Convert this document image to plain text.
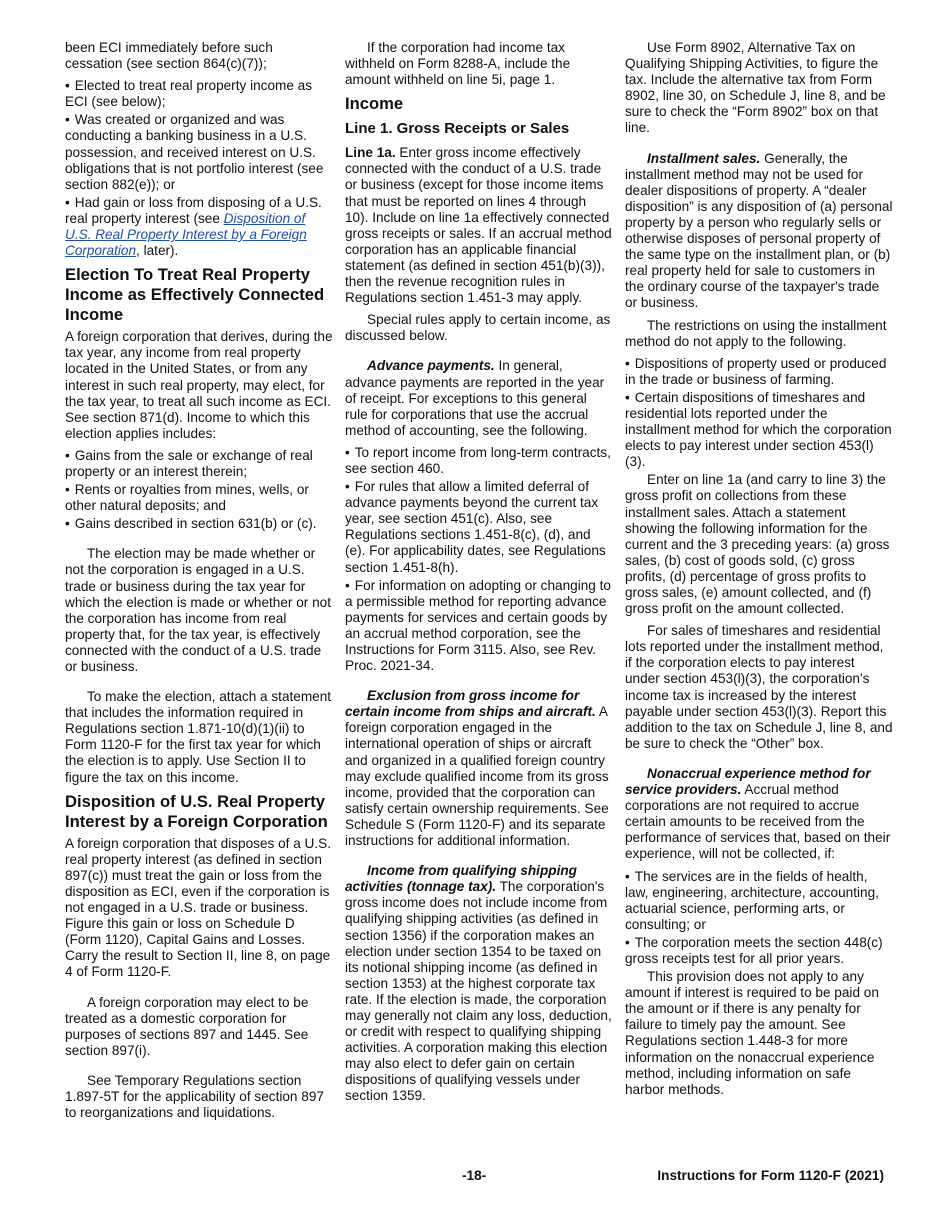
been ECI immediately before such cessation (see section 864(c)(7));

• Elected to treat real property income as ECI (see below);

• Was created or organized and was conducting a banking business in a U.S. possession, and received interest on U.S. obligations that is not portfolio interest (see section 882(e)); or

• Had gain or loss from disposing of a U.S. real property interest (see Disposition of U.S. Real Property Interest by a Foreign Corporation, later).

Election To Treat Real Property Income as Effectively Connected Income

A foreign corporation that derives, during the tax year, any income from real property located in the United States, or from any interest in such real property, may elect, for the tax year, to treat all such income as ECI. See section 871(d). Income to which this election applies includes:

• Gains from the sale or exchange of real property or an interest therein;

• Rents or royalties from mines, wells, or other natural deposits; and

• Gains described in section 631(b) or (c).

The election may be made whether or not the corporation is engaged in a U.S. trade or business during the tax year for which the election is made or whether or not the corporation has income from real property that, for the tax year, is effectively connected with the conduct of a U.S. trade or business.

To make the election, attach a statement that includes the information required in Regulations section 1.871-10(d)(1)(ii) to Form 1120-F for the first tax year for which the election is to apply. Use Section II to figure the tax on this income.

Disposition of U.S. Real Property Interest by a Foreign Corporation

A foreign corporation that disposes of a U.S. real property interest (as defined in section 897(c)) must treat the gain or loss from the disposition as ECI, even if the corporation is not engaged in a U.S. trade or business. Figure this gain or loss on Schedule D (Form 1120), Capital Gains and Losses. Carry the result to Section II, line 8, on page 4 of Form 1120-F.

A foreign corporation may elect to be treated as a domestic corporation for purposes of sections 897 and 1445. See section 897(i).

See Temporary Regulations section 1.897-5T for the applicability of section 897 to reorganizations and liquidations.

If the corporation had income tax withheld on Form 8288-A, include the amount withheld on line 5i, page 1.

Income
Line 1. Gross Receipts or Sales

Line 1a. Enter gross income effectively connected with the conduct of a U.S. trade or business (except for those income items that must be reported on lines 4 through 10). Include on line 1a effectively connected gross receipts or sales. If an accrual method corporation has an applicable financial statement (as defined in section 451(b)(3)), then the revenue recognition rules in Regulations section 1.451-3 may apply.

Special rules apply to certain income, as discussed below.

Advance payments. In general, advance payments are reported in the year of receipt. For exceptions to this general rule for corporations that use the accrual method of accounting, see the following.

• To report income from long-term contracts, see section 460.

• For rules that allow a limited deferral of advance payments beyond the current tax year, see section 451(c). Also, see Regulations sections 1.451-8(c), (d), and (e). For applicability dates, see Regulations section 1.451-8(h).

• For information on adopting or changing to a permissible method for reporting advance payments for services and certain goods by an accrual method corporation, see the Instructions for Form 3115. Also, see Rev. Proc. 2021-34.

Exclusion from gross income for certain income from ships and aircraft. A foreign corporation engaged in the international operation of ships or aircraft and organized in a qualified foreign country may exclude qualified income from its gross income, provided that the corporation can satisfy certain ownership requirements. See Schedule S (Form 1120-F) and its separate instructions for additional information.

Income from qualifying shipping activities (tonnage tax). The corporation's gross income does not include income from qualifying shipping activities (as defined in section 1356) if the corporation makes an election under section 1354 to be taxed on its notional shipping income (as defined in section 1353) at the highest corporate tax rate. If the election is made, the corporation may generally not claim any loss, deduction, or credit with respect to qualifying shipping activities. A corporation making this election may also elect to defer gain on certain dispositions of qualifying vessels under section 1359.

Use Form 8902, Alternative Tax on Qualifying Shipping Activities, to figure the tax. Include the alternative tax from Form 8902, line 30, on Schedule J, line 8, and be sure to check the “Form 8902” box on that line.

Installment sales. Generally, the installment method may not be used for dealer dispositions of property. A “dealer disposition” is any disposition of (a) personal property by a person who regularly sells or otherwise disposes of personal property of the same type on the installment plan, or (b) real property held for sale to customers in the ordinary course of the taxpayer's trade or business.

The restrictions on using the installment method do not apply to the following.

• Dispositions of property used or produced in the trade or business of farming.

• Certain dispositions of timeshares and residential lots reported under the installment method for which the corporation elects to pay interest under section 453(l)(3).

Enter on line 1a (and carry to line 3) the gross profit on collections from these installment sales. Attach a statement showing the following information for the current and the 3 preceding years: (a) gross sales, (b) cost of goods sold, (c) gross profits, (d) percentage of gross profits to gross sales, (e) amount collected, and (f) gross profit on the amount collected.

For sales of timeshares and residential lots reported under the installment method, if the corporation elects to pay interest under section 453(l)(3), the corporation's income tax is increased by the interest payable under section 453(l)(3). Report this addition to the tax on Schedule J, line 8, and be sure to check the “Other” box.

Nonaccrual experience method for service providers. Accrual method corporations are not required to accrue certain amounts to be received from the performance of services that, based on their experience, will not be collected, if:

• The services are in the fields of health, law, engineering, architecture, accounting, actuarial science, performing arts, or consulting; or

• The corporation meets the section 448(c) gross receipts test for all prior years.

This provision does not apply to any amount if interest is required to be paid on the amount or if there is any penalty for failure to timely pay the amount. See Regulations section 1.448-3 for more information on the nonaccrual experience method, including information on safe harbor methods.

-18-	Instructions for Form 1120-F (2021)
